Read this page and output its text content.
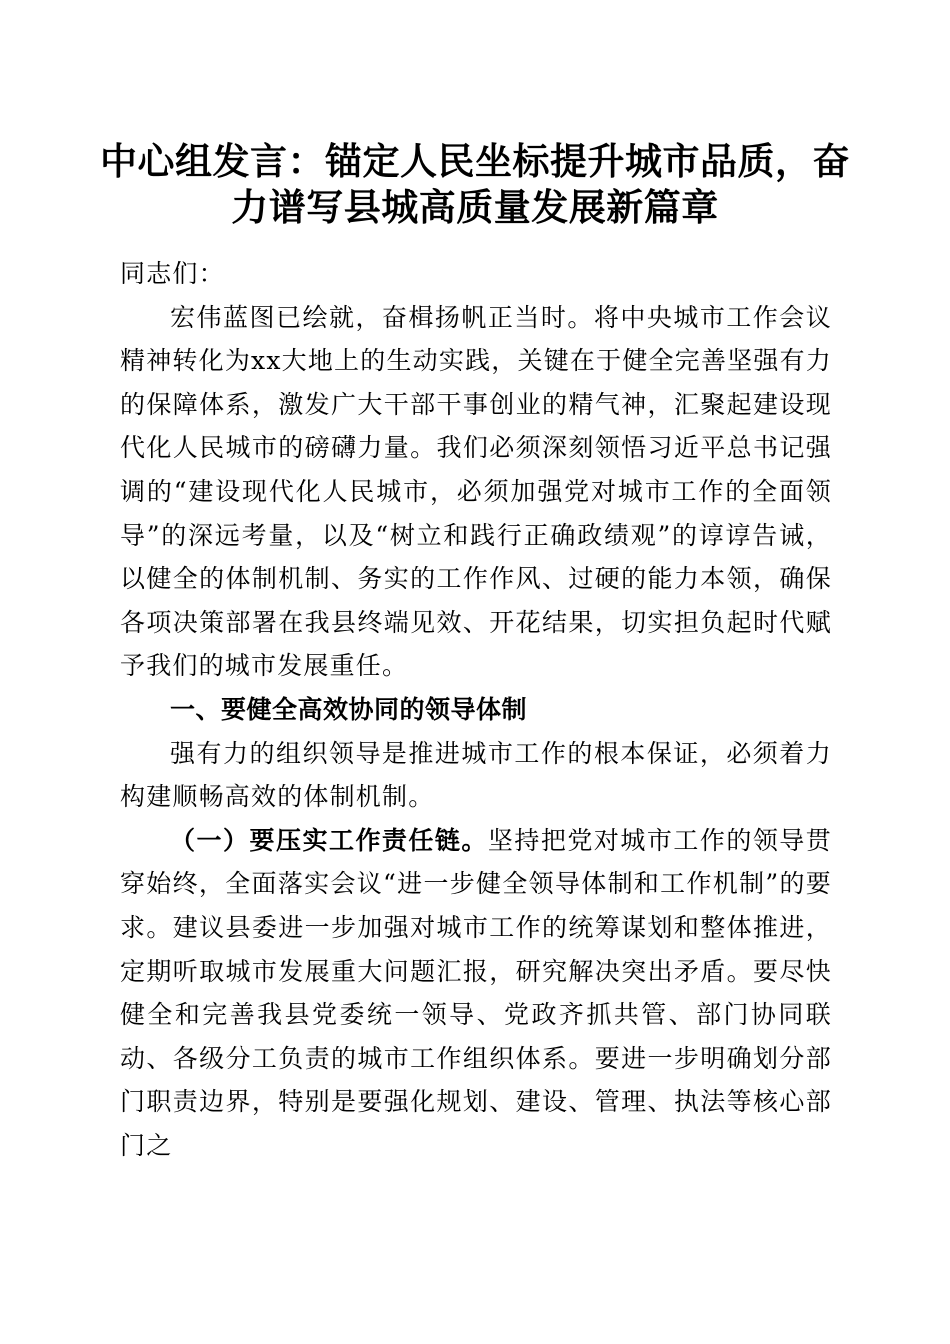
中心组发言：锚定人民坐标提升城市品质，奋
力谱写县城高质量发展新篇章

同志们：

宏伟蓝图已绘就，奋楫扬帆正当时。将中央城市工作会议精神转化为xx大地上的生动实践，关键在于健全完善坚强有力的保障体系，激发广大干部干事创业的精气神，汇聚起建设现代化人民城市的磅礴力量。我们必须深刻领悟习近平总书记强调的“建设现代化人民城市，必须加强党对城市工作的全面领导”的深远考量，以及“树立和践行正确政绩观”的谆谆告诫，以健全的体制机制、务实的工作作风、过硬的能力本领，确保各项决策部署在我县终端见效、开花结果，切实担负起时代赋予我们的城市发展重任。

一、要健全高效协同的领导体制

强有力的组织领导是推进城市工作的根本保证，必须着力构建顺畅高效的体制机制。

（一）要压实工作责任链。坚持把党对城市工作的领导贯穿始终，全面落实会议“进一步健全领导体制和工作机制”的要求。建议县委进一步加强对城市工作的统筹谋划和整体推进，定期听取城市发展重大问题汇报，研究解决突出矛盾。要尽快健全和完善我县党委统一领导、党政齐抓共管、部门协同联动、各级分工负责的城市工作组织体系。要进一步明确划分部门职责边界，特别是要强化规划、建设、管理、执法等核心部门之
